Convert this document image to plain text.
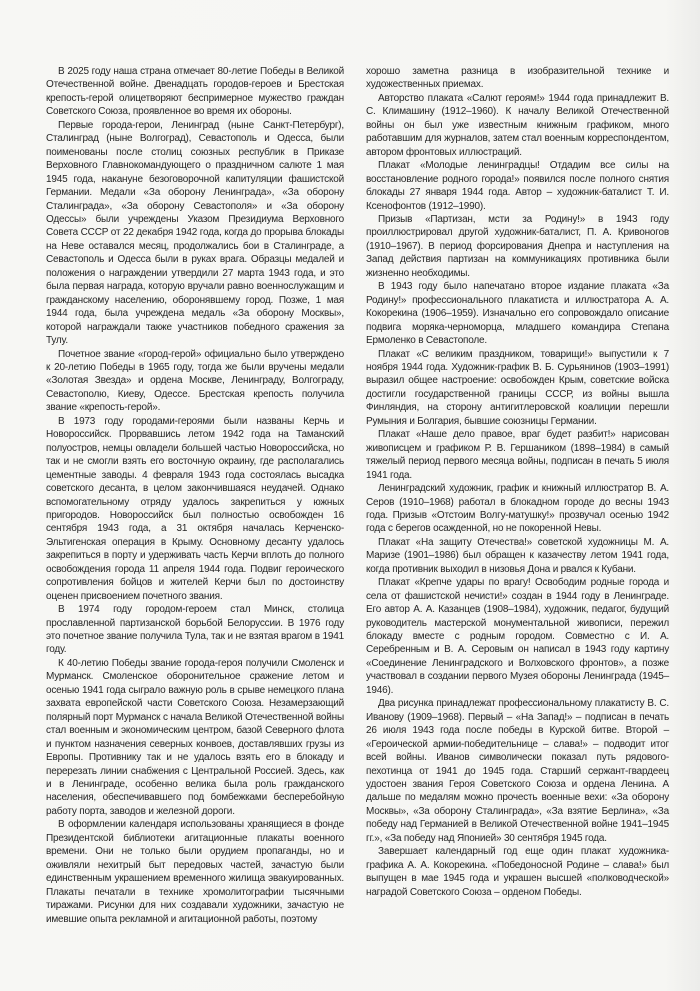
В 2025 году наша страна отмечает 80-летие Победы в Великой Отечественной войне. Двенадцать городов-героев и Брестская крепость-герой олицетворяют беспримерное мужество граждан Советского Союза, проявленное во время их обороны.

Первые города-герои, Ленинград (ныне Санкт-Петербург), Сталинград (ныне Волгоград), Севастополь и Одесса, были поименованы после столиц союзных республик в Приказе Верховного Главнокомандующего о праздничном салюте 1 мая 1945 года, накануне безоговорочной капитуляции фашистской Германии. Медали «За оборону Ленинграда», «За оборону Сталинграда», «За оборону Севастополя» и «За оборону Одессы» были учреждены Указом Президиума Верховного Совета СССР от 22 декабря 1942 года, когда до прорыва блокады на Неве оставался месяц, продолжались бои в Сталинграде, а Севастополь и Одесса были в руках врага. Образцы медалей и положения о награждении утвердили 27 марта 1943 года, и это была первая награда, которую вручали равно военнослужащим и гражданскому населению, оборонявшему город. Позже, 1 мая 1944 года, была учреждена медаль «За оборону Москвы», которой награждали также участников победного сражения за Тулу.

Почетное звание «город-герой» официально было утверждено к 20-летию Победы в 1965 году, тогда же были вручены медали «Золотая Звезда» и ордена Москве, Ленинграду, Волгограду, Севастополю, Киеву, Одессе. Брестская крепость получила звание «крепость-герой».

В 1973 году городами-героями были названы Керчь и Новороссийск. Прорвавшись летом 1942 года на Таманский полуостров, немцы овладели большей частью Новороссийска, но так и не смогли взять его восточную окраину, где располагались цементные заводы. 4 февраля 1943 года состоялась высадка советского десанта, в целом закончившаяся неудачей. Однако вспомогательному отряду удалось закрепиться у южных пригородов. Новороссийск был полностью освобожден 16 сентября 1943 года, а 31 октября началась Керченско-Эльтигенская операция в Крыму. Основному десанту удалось закрепиться в порту и удерживать часть Керчи вплоть до полного освобождения города 11 апреля 1944 года. Подвиг героического сопротивления бойцов и жителей Керчи был по достоинству оценен присвоением почетного звания.

В 1974 году городом-героем стал Минск, столица прославленной партизанской борьбой Белоруссии. В 1976 году это почетное звание получила Тула, так и не взятая врагом в 1941 году.

К 40-летию Победы звание города-героя получили Смоленск и Мурманск. Смоленское оборонительное сражение летом и осенью 1941 года сыграло важную роль в срыве немецкого плана захвата европейской части Советского Союза. Незамерзающий полярный порт Мурманск с начала Великой Отечественной войны стал военным и экономическим центром, базой Северного флота и пунктом назначения северных конвоев, доставлявших грузы из Европы. Противнику так и не удалось взять его в блокаду и перерезать линии снабжения с Центральной Россией. Здесь, как и в Ленинграде, особенно велика была роль гражданского населения, обеспечивавшего под бомбежками бесперебойную работу порта, заводов и железной дороги.

В оформлении календаря использованы хранящиеся в фонде Президентской библиотеки агитационные плакаты военного времени. Они не только были орудием пропаганды, но и оживляли нехитрый быт передовых частей, зачастую были единственным украшением временного жилища эвакуированных. Плакаты печатали в технике хромолитографии тысячными тиражами. Рисунки для них создавали художники, зачастую не имевшие опыта рекламной и агитационной работы, поэтому

хорошо заметна разница в изобразительной технике и художественных приемах.

Авторство плаката «Салют героям!» 1944 года принадлежит В. С. Климашину (1912–1960). К началу Великой Отечественной войны он был уже известным книжным графиком, много работавшим для журналов, затем стал военным корреспондентом, автором фронтовых иллюстраций.

Плакат «Молодые ленинградцы! Отдадим все силы на восстановление родного города!» появился после полного снятия блокады 27 января 1944 года. Автор – художник-баталист Т. И. Ксенофонтов (1912–1990).

Призыв «Партизан, мсти за Родину!» в 1943 году проиллюстрировал другой художник-баталист, П. А. Кривоногов (1910–1967). В период форсирования Днепра и наступления на Запад действия партизан на коммуникациях противника были жизненно необходимы.

В 1943 году было напечатано второе издание плаката «За Родину!» профессионального плакатиста и иллюстратора А. А. Кокорекина (1906–1959). Изначально его сопровождало описание подвига моряка-черноморца, младшего командира Степана Ермоленко в Севастополе.

Плакат «С великим праздником, товарищи!» выпустили к 7 ноября 1944 года. Художник-график В. Б. Сурьянинов (1903–1991) выразил общее настроение: освобожден Крым, советские войска достигли государственной границы СССР, из войны вышла Финляндия, на сторону антигитлеровской коалиции перешли Румыния и Болгария, бывшие союзницы Германии.

Плакат «Наше дело правое, враг будет разбит!» нарисован живописцем и графиком Р. В. Гершаником (1898–1984) в самый тяжелый период первого месяца войны, подписан в печать 5 июля 1941 года.

Ленинградский художник, график и книжный иллюстратор В. А. Серов (1910–1968) работал в блокадном городе до весны 1943 года. Призыв «Отстоим Волгу-матушку!» прозвучал осенью 1942 года с берегов осажденной, но не покоренной Невы.

Плакат «На защиту Отечества!» советской художницы М. А. Маризе (1901–1986) был обращен к казачеству летом 1941 года, когда противник выходил в низовья Дона и рвался к Кубани.

Плакат «Крепче удары по врагу! Освободим родные города и села от фашистской нечисти!» создан в 1944 году в Ленинграде. Его автор А. А. Казанцев (1908–1984), художник, педагог, будущий руководитель мастерской монументальной живописи, пережил блокаду вместе с родным городом. Совместно с И. А. Серебренным и В. А. Серовым он написал в 1943 году картину «Соединение Ленинградского и Волховского фронтов», а позже участвовал в создании первого Музея обороны Ленинграда (1945–1946).

Два рисунка принадлежат профессиональному плакатисту В. С. Иванову (1909–1968). Первый – «На Запад!» – подписан в печать 26 июля 1943 года после победы в Курской битве. Второй – «Героической армии-победительнице – слава!» – подводит итог всей войны. Иванов символически показал путь рядового-пехотинца от 1941 до 1945 года. Старший сержант-гвардеец удостоен звания Героя Советского Союза и ордена Ленина. А дальше по медалям можно прочесть военные вехи: «За оборону Москвы», «За оборону Сталинграда», «За взятие Берлина», «За победу над Германией в Великой Отечественной войне 1941–1945 гг.», «За победу над Японией» 30 сентября 1945 года.

Завершает календарный год еще один плакат художника-графика А. А. Кокорекина. «Победоносной Родине – слава!» был выпущен в мае 1945 года и украшен высшей «полководческой» наградой Советского Союза – орденом Победы.
